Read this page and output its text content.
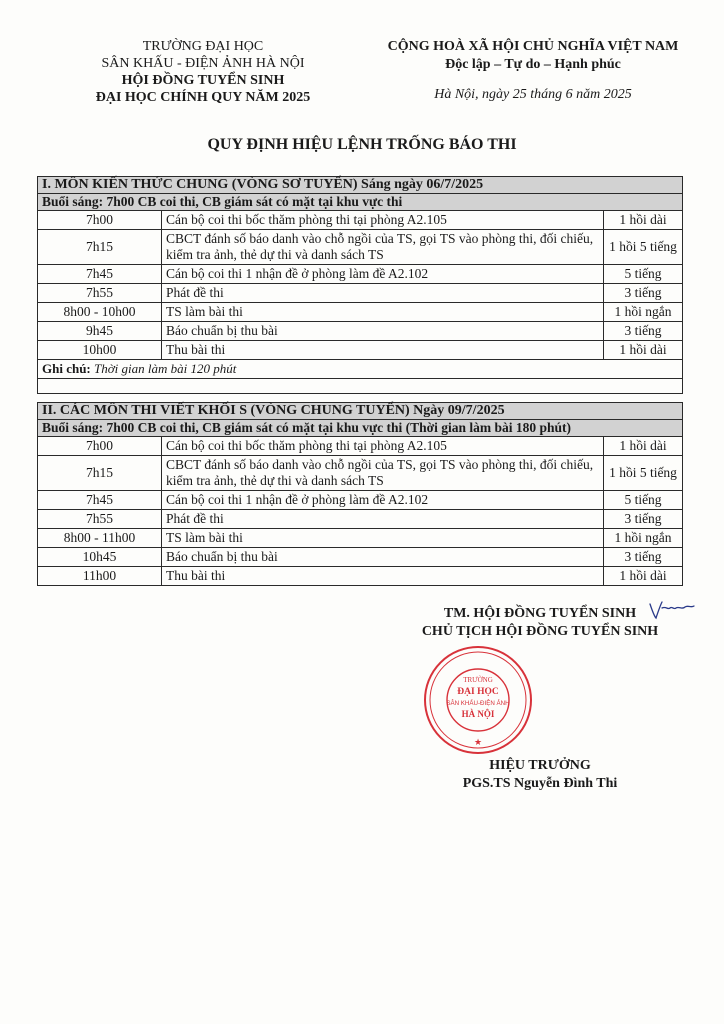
TRƯỜNG ĐẠI HỌC
SÂN KHẤU - ĐIỆN ẢNH HÀ NỘI
HỘI ĐỒNG TUYỂN SINH
ĐẠI HỌC CHÍNH QUY NĂM 2025
CỘNG HOÀ XÃ HỘI CHỦ NGHĨA VIỆT NAM
Độc lập – Tự do – Hạnh phúc
Hà Nội, ngày 25 tháng 6 năm 2025
QUY ĐỊNH HIỆU LỆNH TRỐNG BÁO THI
I. MÔN KIẾN THỨC CHUNG (VÒNG SƠ TUYỂN) Sáng ngày 06/7/2025		
Buổi sáng: 7h00 CB coi thi, CB giám sát có mặt tại khu vực thi		
7h00	Cán bộ coi thi bốc thăm phòng thi tại phòng A2.105	1 hồi dài
7h15	CBCT đánh số báo danh vào chỗ ngồi của TS, gọi TS vào phòng thi, đối chiếu, kiểm tra ảnh, thẻ dự thi và danh sách TS	1 hồi 5 tiếng
7h45	Cán bộ coi thi 1 nhận đề ở phòng làm đề A2.102	5 tiếng
7h55	Phát đề thi	3 tiếng
8h00 - 10h00	TS làm bài thi	1 hồi ngắn
9h45	Báo chuẩn bị thu bài	3 tiếng
10h00	Thu bài thi	1 hồi dài
Ghi chú: Thời gian làm bài 120 phút		

II. CÁC MÔN THI VIẾT KHỐI S (VÒNG CHUNG TUYỂN) Ngày 09/7/2025		
Buổi sáng: 7h00 CB coi thi, CB giám sát có mặt tại khu vực thi (Thời gian làm bài 180 phút)		
7h00	Cán bộ coi thi bốc thăm phòng thi tại phòng A2.105	1 hồi dài
7h15	CBCT đánh số báo danh vào chỗ ngồi của TS, gọi TS vào phòng thi, đối chiếu, kiểm tra ảnh, thẻ dự thi và danh sách TS	1 hồi 5 tiếng
7h45	Cán bộ coi thi 1 nhận đề ở phòng làm đề A2.102	5 tiếng
7h55	Phát đề thi	3 tiếng
8h00 - 11h00	TS làm bài thi	1 hồi ngắn
10h45	Báo chuẩn bị thu bài	3 tiếng
11h00	Thu bài thi	1 hồi dài
TM. HỘI ĐỒNG TUYỂN SINH
CHỦ TỊCH HỘI ĐỒNG TUYỂN SINH
HIỆU TRƯỞNG
PGS.TS Nguyễn Đình Thi
TRƯỜNG
ĐẠI HỌC
SÂN KHẤU-ĐIỆN ẢNH
HÀ NỘI
★
